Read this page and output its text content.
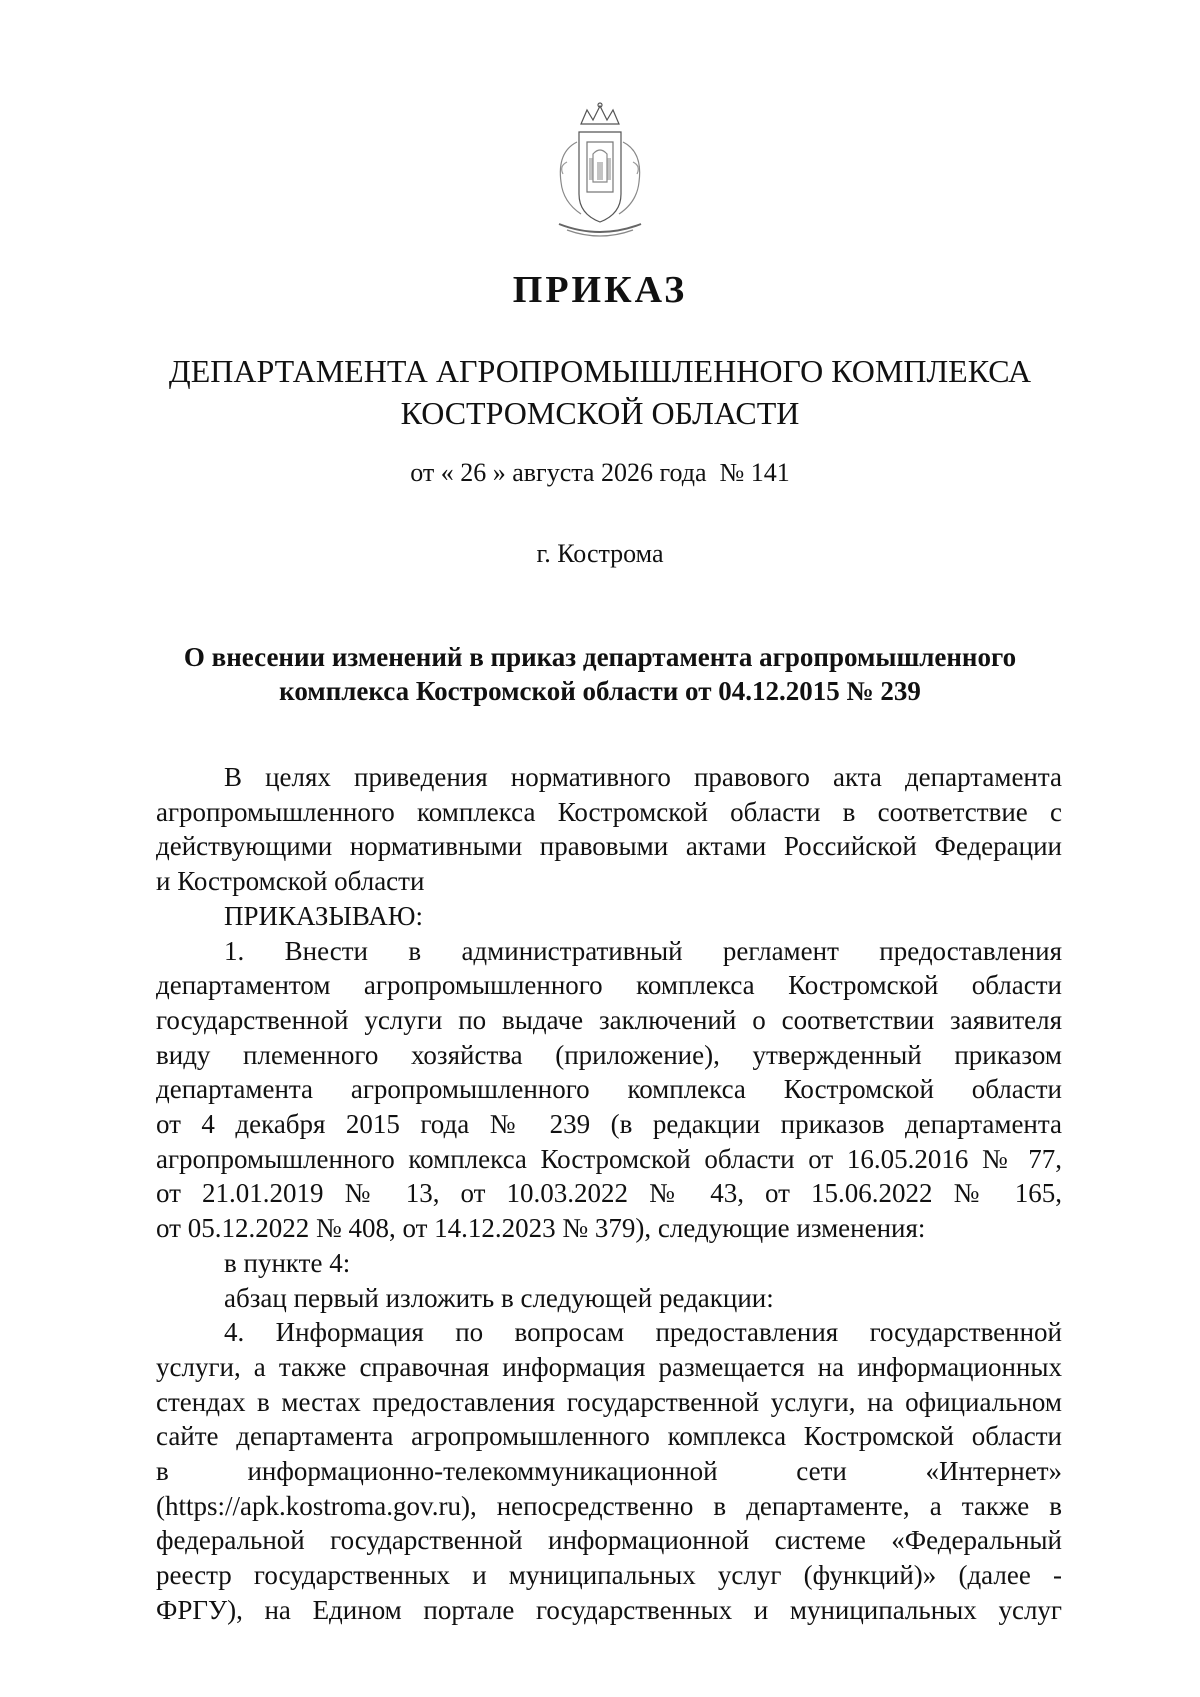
ПРИКАЗ
ДЕПАРТАМЕНТА АГРОПРОМЫШЛЕННОГО КОМПЛЕКСА
КОСТРОМСКОЙ ОБЛАСТИ
от « 26 » августа 2026 года  № 141
г. Кострома
О внесении изменений в приказ департамента агропромышленного
комплекса Костромской области от 04.12.2015 № 239

В целях приведения нормативного правового акта департамента

агропромышленного комплекса Костромской области в соответствие с

действующими нормативными правовыми актами Российской Федерации

и Костромской области

ПРИКАЗЫВАЮ:

1. Внести в административный регламент предоставления

департаментом агропромышленного комплекса Костромской области

государственной услуги по выдаче заключений о соответствии заявителя

виду племенного хозяйства (приложение), утвержденный приказом

департамента агропромышленного комплекса Костромской области

от 4 декабря 2015 года № 239 (в редакции приказов департамента

агропромышленного комплекса Костромской области от 16.05.2016 № 77,

от 21.01.2019 № 13, от 10.03.2022 № 43, от 15.06.2022 № 165,

от 05.12.2022 № 408, от 14.12.2023 № 379), следующие изменения:

в пункте 4:

абзац первый изложить в следующей редакции:

4. Информация по вопросам предоставления государственной

услуги, а также справочная информация размещается на информационных

стендах в местах предоставления государственной услуги, на официальном

сайте департамента агропромышленного комплекса Костромской области

в информационно-телекоммуникационной сети «Интернет»

(https://apk.kostroma.gov.ru), непосредственно в департаменте, а также в

федеральной государственной информационной системе «Федеральный

реестр государственных и муниципальных услуг (функций)» (далее -

ФРГУ), на Едином портале государственных и муниципальных услуг
